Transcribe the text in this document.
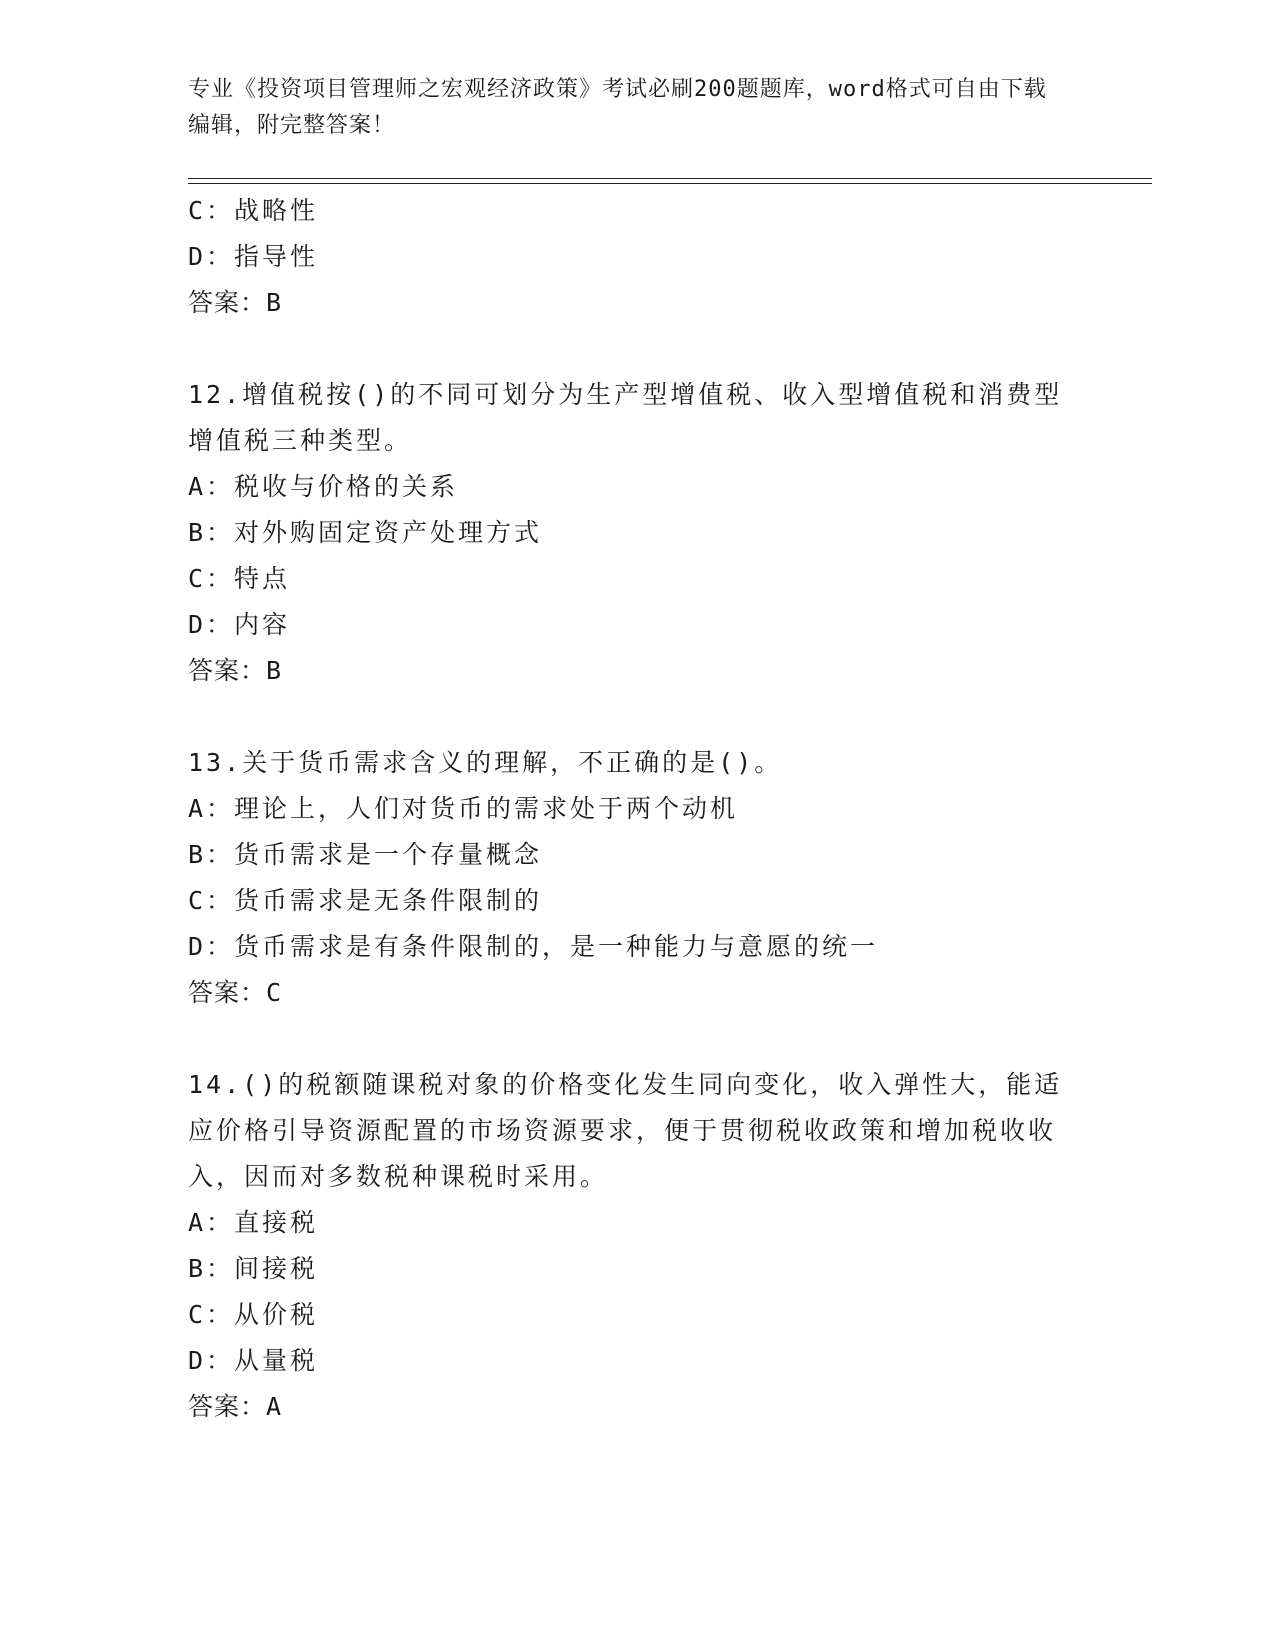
专业《投资项目管理师之宏观经济政策》考试必刷200题题库，word格式可自由下载编辑，附完整答案！
C：战略性
D：指导性
答案：B
12.增值税按()的不同可划分为生产型增值税、收入型增值税和消费型增值税三种类型。
A：税收与价格的关系
B：对外购固定资产处理方式
C：特点
D：内容
答案：B
13.关于货币需求含义的理解，不正确的是()。
A：理论上，人们对货币的需求处于两个动机
B：货币需求是一个存量概念
C：货币需求是无条件限制的
D：货币需求是有条件限制的，是一种能力与意愿的统一
答案：C
14.()的税额随课税对象的价格变化发生同向变化，收入弹性大，能适应价格引导资源配置的市场资源要求，便于贯彻税收政策和增加税收收入，因而对多数税种课税时采用。
A：直接税
B：间接税
C：从价税
D：从量税
答案：A
